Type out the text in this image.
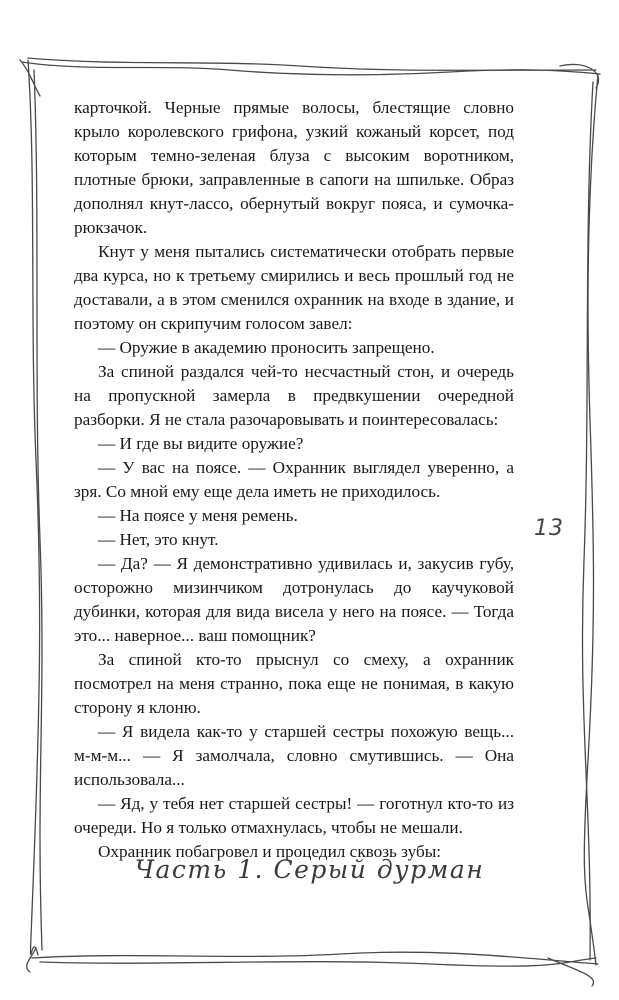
карточкой. Черные прямые волосы, блестящие словно крыло королевского грифона, узкий кожаный корсет, под которым темно-зеленая блуза с высоким воротником, плотные брюки, заправленные в сапоги на шпильке. Образ дополнял кнут-лассо, обернутый вокруг пояса, и сумочка-рюкзачок.

Кнут у меня пытались систематически отобрать первые два курса, но к третьему смирились и весь прошлый год не доставали, а в этом сменился охранник на входе в здание, и поэтому он скрипучим голосом завел:

— Оружие в академию проносить запрещено.

За спиной раздался чей-то несчастный стон, и очередь на пропускной замерла в предвкушении очередной разборки. Я не стала разочаровывать и поинтересовалась:

— И где вы видите оружие?

— У вас на поясе. — Охранник выглядел уверенно, а зря. Со мной ему еще дела иметь не приходилось.

— На поясе у меня ремень.

— Нет, это кнут.

— Да? — Я демонстративно удивилась и, закусив губу, осторожно мизинчиком дотронулась до каучуковой дубинки, которая для вида висела у него на поясе. — Тогда это... наверное... ваш помощник?

За спиной кто-то прыснул со смеху, а охранник посмотрел на меня странно, пока еще не понимая, в какую сторону я клоню.

— Я видела как-то у старшей сестры похожую вещь... м-м-м... — Я замолчала, словно смутившись. — Она использовала...

— Яд, у тебя нет старшей сестры! — гоготнул кто-то из очереди. Но я только отмахнулась, чтобы не мешали.

Охранник побагровел и процедил сквозь зубы:

13
Часть 1. Серый дурман
